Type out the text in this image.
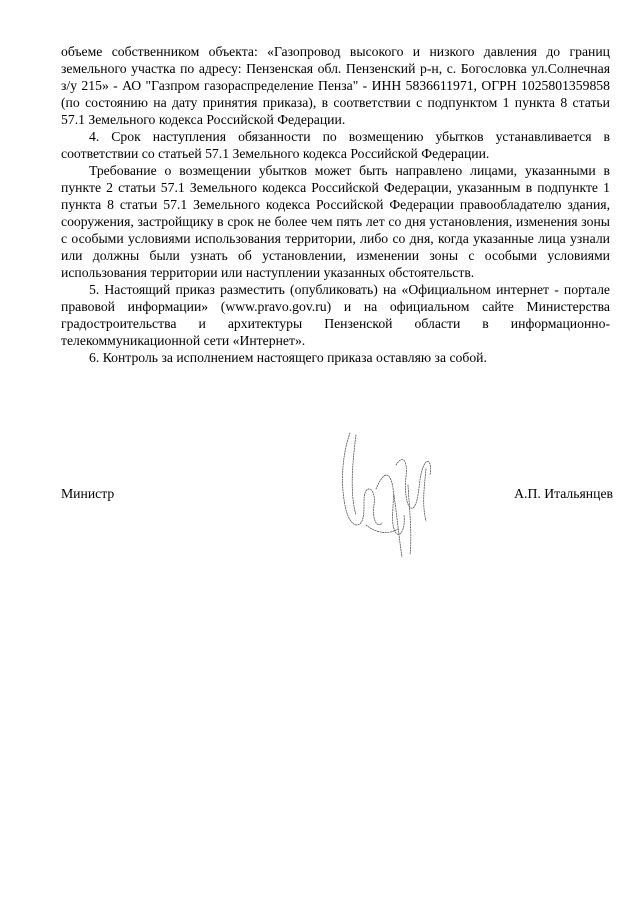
объеме собственником объекта: «Газопровод высокого и низкого давления до границ земельного участка по адресу: Пензенская обл. Пензенский р-н, с. Богословка ул.Солнечная з/у 215» - АО "Газпром газораспределение Пенза" - ИНН 5836611971, ОГРН 1025801359858 (по состоянию на дату принятия приказа), в соответствии с подпунктом 1 пункта 8 статьи 57.1 Земельного кодекса Российской Федерации.

4. Срок наступления обязанности по возмещению убытков устанавливается в соответствии со статьей 57.1 Земельного кодекса Российской Федерации.

Требование о возмещении убытков может быть направлено лицами, указанными в пункте 2 статьи 57.1 Земельного кодекса Российской Федерации, указанным в подпункте 1 пункта 8 статьи 57.1 Земельного кодекса Российской Федерации правообладателю здания, сооружения, застройщику в срок не более чем пять лет со дня установления, изменения зоны с особыми условиями использования территории, либо со дня, когда указанные лица узнали или должны были узнать об установлении, изменении зоны с особыми условиями использования территории или наступлении указанных обстоятельств.

5. Настоящий приказ разместить (опубликовать) на «Официальном интернет - портале правовой информации» (www.pravo.gov.ru) и на официальном сайте Министерства градостроительства и архитектуры Пензенской области в информационно-телекоммуникационной сети «Интернет».

6. Контроль за исполнением настоящего приказа оставляю за собой.

Министр	А.П. Итальянцев
